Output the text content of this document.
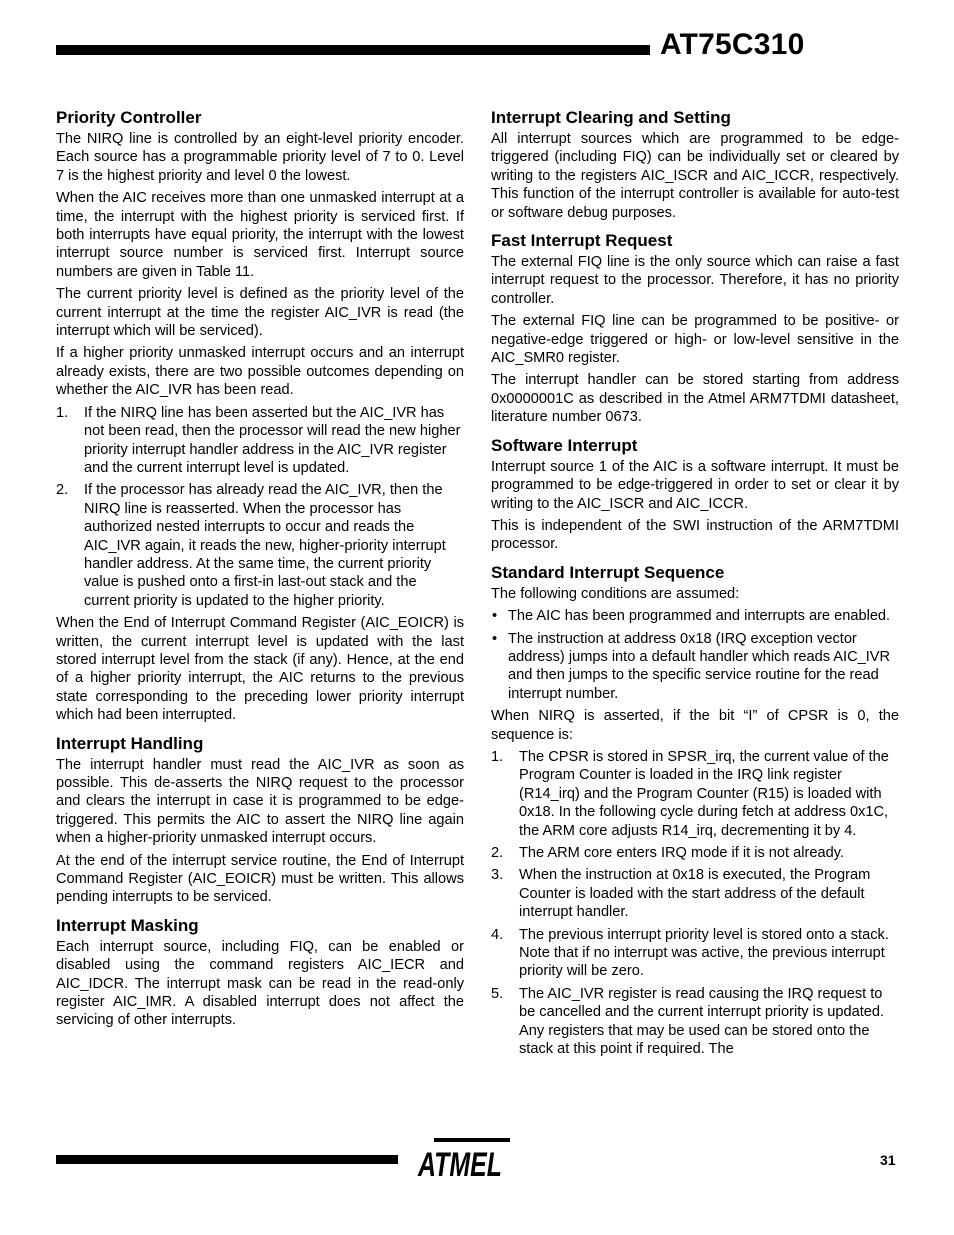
AT75C310
Priority Controller

The NIRQ line is controlled by an eight-level priority encoder. Each source has a programmable priority level of 7 to 0. Level 7 is the highest priority and level 0 the lowest.

When the AIC receives more than one unmasked interrupt at a time, the interrupt with the highest priority is serviced first. If both interrupts have equal priority, the interrupt with the lowest interrupt source number is serviced first. Interrupt source numbers are given in Table 11.

The current priority level is defined as the priority level of the current interrupt at the time the register AIC_IVR is read (the interrupt which will be serviced).

If a higher priority unmasked interrupt occurs and an interrupt already exists, there are two possible outcomes depending on whether the AIC_IVR has been read.

1. If the NIRQ line has been asserted but the AIC_IVR has not been read, then the processor will read the new higher priority interrupt handler address in the AIC_IVR register and the current interrupt level is updated.
2. If the processor has already read the AIC_IVR, then the NIRQ line is reasserted. When the processor has authorized nested interrupts to occur and reads the AIC_IVR again, it reads the new, higher-priority interrupt handler address. At the same time, the current priority value is pushed onto a first-in last-out stack and the current priority is updated to the higher priority.

When the End of Interrupt Command Register (AIC_EOICR) is written, the current interrupt level is updated with the last stored interrupt level from the stack (if any). Hence, at the end of a higher priority interrupt, the AIC returns to the previous state corresponding to the preceding lower priority interrupt which had been interrupted.

Interrupt Handling

The interrupt handler must read the AIC_IVR as soon as possible. This de-asserts the NIRQ request to the processor and clears the interrupt in case it is programmed to be edge-triggered. This permits the AIC to assert the NIRQ line again when a higher-priority unmasked interrupt occurs.

At the end of the interrupt service routine, the End of Interrupt Command Register (AIC_EOICR) must be written. This allows pending interrupts to be serviced.

Interrupt Masking

Each interrupt source, including FIQ, can be enabled or disabled using the command registers AIC_IECR and AIC_IDCR. The interrupt mask can be read in the read-only register AIC_IMR. A disabled interrupt does not affect the servicing of other interrupts.

Interrupt Clearing and Setting

All interrupt sources which are programmed to be edge-triggered (including FIQ) can be individually set or cleared by writing to the registers AIC_ISCR and AIC_ICCR, respectively. This function of the interrupt controller is available for auto-test or software debug purposes.

Fast Interrupt Request

The external FIQ line is the only source which can raise a fast interrupt request to the processor. Therefore, it has no priority controller.

The external FIQ line can be programmed to be positive- or negative-edge triggered or high- or low-level sensitive in the AIC_SMR0 register.

The interrupt handler can be stored starting from address 0x0000001C as described in the Atmel ARM7TDMI datasheet, literature number 0673.

Software Interrupt

Interrupt source 1 of the AIC is a software interrupt. It must be programmed to be edge-triggered in order to set or clear it by writing to the AIC_ISCR and AIC_ICCR.

This is independent of the SWI instruction of the ARM7TDMI processor.

Standard Interrupt Sequence

The following conditions are assumed:

• The AIC has been programmed and interrupts are enabled.
• The instruction at address 0x18 (IRQ exception vector address) jumps into a default handler which reads AIC_IVR and then jumps to the specific service routine for the read interrupt number.

When NIRQ is asserted, if the bit “I” of CPSR is 0, the sequence is:

1. The CPSR is stored in SPSR_irq, the current value of the Program Counter is loaded in the IRQ link register (R14_irq) and the Program Counter (R15) is loaded with 0x18. In the following cycle during fetch at address 0x1C, the ARM core adjusts R14_irq, decrementing it by 4.
2. The ARM core enters IRQ mode if it is not already.
3. When the instruction at 0x18 is executed, the Program Counter is loaded with the start address of the default interrupt handler.
4. The previous interrupt priority level is stored onto a stack. Note that if no interrupt was active, the previous interrupt priority will be zero.
5. The AIC_IVR register is read causing the IRQ request to be cancelled and the current interrupt priority is updated. Any registers that may be used can be stored onto the stack at this point if required. The
ATMEL	31
